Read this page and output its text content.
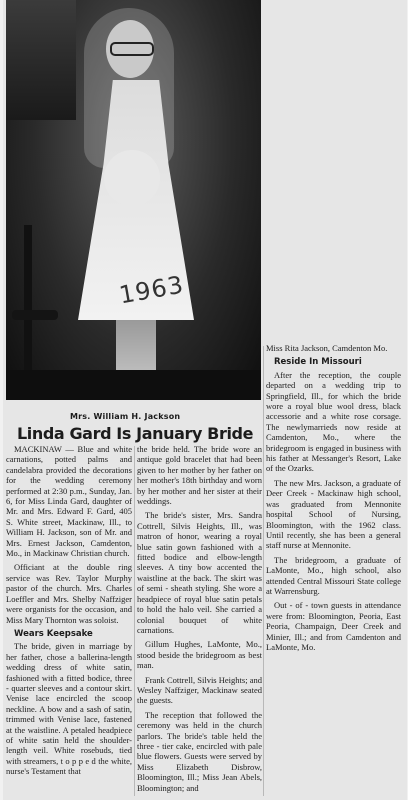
1963
Mrs. William H. Jackson
Linda Gard Is January Bride

MACKINAW — Blue and white carnations, potted palms and candelabra provided the decorations for the wedding ceremony performed at 2:30 p.m., Sunday, Jan. 6, for Miss Linda Gard, daughter of Mr. and Mrs. Edward F. Gard, 405 S. White street, Mackinaw, Ill., to William H. Jackson, son of Mr. and Mrs. Ernest Jackson, Camdenton, Mo., in Mackinaw Christian church.

Officiant at the double ring service was Rev. Taylor Murphy pastor of the church. Mrs. Charles Loeffler and Mrs. Shelby Naffziger were organists for the occasion, and Miss Mary Thornton was soloist.

Wears Keepsake

The bride, given in marriage by her father, chose a ballerina-length wedding dress of white satin, fashioned with a fitted bodice, three - quarter sleeves and a contour skirt. Venise lace encircled the scoop neckline. A bow and a sash of satin, trimmed with Venise lace, fastened at the waistline. A petaled headpiece of white satin held the shoulder-length veil. White rosebuds, tied with streamers, t o p p e d the white, nurse's Testament that

the bride held. The bride wore an antique gold bracelet that had been given to her mother by her father on her mother's 18th birthday and worn by her mother and her sister at their weddings.

The bride's sister, Mrs. Sandra Cottrell, Silvis Heights, Ill., was matron of honor, wearing a royal blue satin gown fashioned with a fitted bodice and elbow-length sleeves. A tiny bow accented the waistline at the back. The skirt was of semi - sheath styling. She wore a headpiece of royal blue satin petals to hold the halo veil. She carried a colonial bouquet of white carnations.

Gillum Hughes, LaMonte, Mo., stood beside the bridegroom as best man.

Frank Cottrell, Silvis Heights; and Wesley Naffziger, Mackinaw seated the guests.

The reception that followed the ceremony was held in the church parlors. The bride's table held the three - tier cake, encircled with pale blue flowers. Guests were served by Miss Elizabeth Disbrow, Bloomington, Ill.; Miss Jean Abels, Bloomington; and

Miss Rita Jackson, Camdenton Mo.

Reside In Missouri

After the reception, the couple departed on a wedding trip to Springfield, Ill., for which the bride wore a royal blue wool dress, black accessorie and a white rose corsage. The newlymarrieds now reside at Camdenton, Mo., where the bridegroom is engaged in business with his father at Messanger's Resort, Lake of the Ozarks.

The new Mrs. Jackson, a graduate of Deer Creek - Mackinaw high school, was graduated from Mennonite hospital School of Nursing, Bloomington, with the 1962 class. Until recently, she has been a general staff nurse at Mennonite.

The bridegroom, a graduate of LaMonte, Mo., high school, also attended Central Missouri State college at Warrensburg.

Out - of - town guests in attendance were from: Bloomington, Peoria, East Peoria, Champaign, Deer Creek and Minier, Ill.; and from Camdenton and LaMonte, Mo.
